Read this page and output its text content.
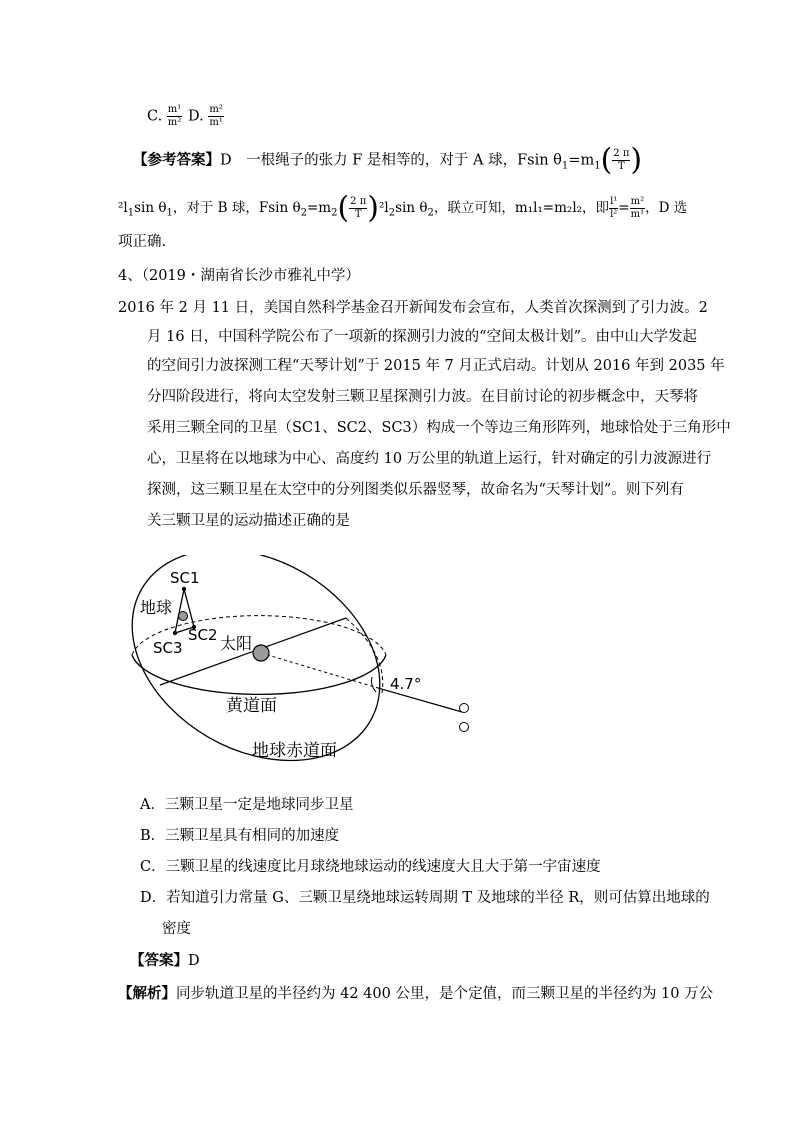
C. $\frac{\text{m¹}}{\text{m²}} D$. $\frac{\text{m²}}{\text{m¹}}$
【参考答案】D　一根绳子的张力 F 是相等的，对于 A 球，Fsin $\theta_1=m_1( \frac{2 \pi}{T}$ )
$^2l_1\sin$ $\theta_1$，对于 B 球，Fsin $\theta_2=m_2( \frac{2 \pi}{T} )^2l_2\sin$ $\theta_2$，联立可知，m₁l₁=m₂l₂，即 $\frac{\text{l¹}}{\text{l²}} = \frac{\text{m²}}{\text{m¹}}$ ，D 选
项正确.
4、（2019・湖南省长沙市雅礼中学）
2016 年 2 月 11 日，美国自然科学基金召开新闻发布会宣布，人类首次探测到了引力波。2
月 16 日，中国科学院公布了一项新的探测引力波的“空间太极计划”。由中山大学发起
的空间引力波探测工程“天琴计划”于 2015 年 7 月正式启动。计划从 2016 年到 2035 年
分四阶段进行，将向太空发射三颗卫星探测引力波。在目前讨论的初步概念中，天琴将
采用三颗全同的卫星（SC1、SC2、SC3）构成一个等边三角形阵列，地球恰处于三角形中
心，卫星将在以地球为中心、高度约 10 万公里的轨道上运行，针对确定的引力波源进行
探测，这三颗卫星在太空中的分列图类似乐器竖琴，故命名为“天琴计划”。则下列有
关三颗卫星的运动描述正确的是
SC1
地球
SC2
SC3 太阳
4.7°
黄道面
地球赤道面
A．三颗卫星一定是地球同步卫星
B．三颗卫星具有相同的加速度
C．三颗卫星的线速度比月球绕地球运动的线速度大且大于第一宇宙速度
D．若知道引力常量 G、三颗卫星绕地球运转周期 T 及地球的半径 R，则可估算出地球的
密度
【答案】D
【解析】同步轨道卫星的半径约为 42 400 公里，是个定值，而三颗卫星的半径约为 10 万公
